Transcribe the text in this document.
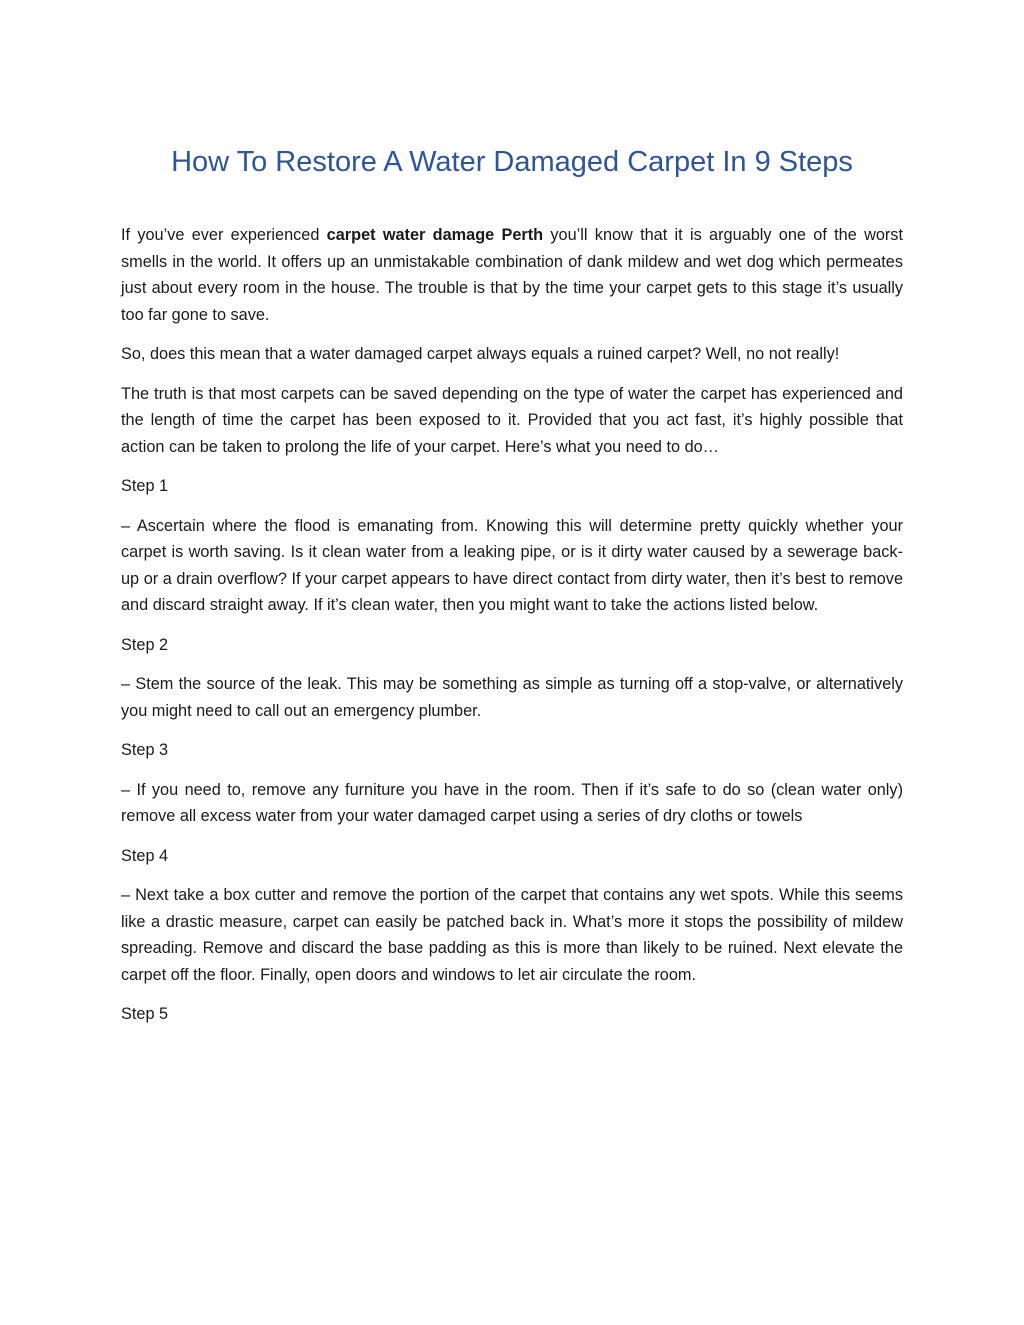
How To Restore A Water Damaged Carpet In 9 Steps

If you’ve ever experienced carpet water damage Perth you’ll know that it is arguably one of the worst smells in the world. It offers up an unmistakable combination of dank mildew and wet dog which permeates just about every room in the house. The trouble is that by the time your carpet gets to this stage it’s usually too far gone to save.

So, does this mean that a water damaged carpet always equals a ruined carpet? Well, no not really!

The truth is that most carpets can be saved depending on the type of water the carpet has experienced and the length of time the carpet has been exposed to it. Provided that you act fast, it’s highly possible that action can be taken to prolong the life of your carpet. Here’s what you need to do…

Step 1

– Ascertain where the flood is emanating from. Knowing this will determine pretty quickly whether your carpet is worth saving. Is it clean water from a leaking pipe, or is it dirty water caused by a sewerage back-up or a drain overflow? If your carpet appears to have direct contact from dirty water, then it’s best to remove and discard straight away. If it’s clean water, then you might want to take the actions listed below.

Step 2

– Stem the source of the leak. This may be something as simple as turning off a stop-valve, or alternatively you might need to call out an emergency plumber.

Step 3

– If you need to, remove any furniture you have in the room. Then if it’s safe to do so (clean water only) remove all excess water from your water damaged carpet using a series of dry cloths or towels

Step 4

– Next take a box cutter and remove the portion of the carpet that contains any wet spots. While this seems like a drastic measure, carpet can easily be patched back in. What’s more it stops the possibility of mildew spreading. Remove and discard the base padding as this is more than likely to be ruined. Next elevate the carpet off the floor. Finally, open doors and windows to let air circulate the room.

Step 5
